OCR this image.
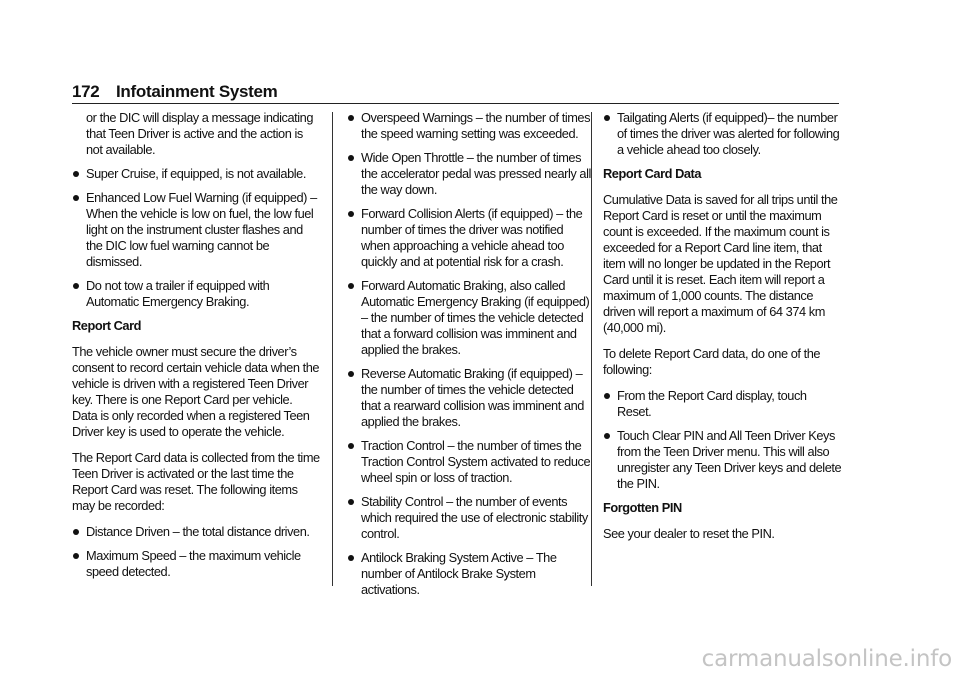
172 Infotainment System

or the DIC will display a message indicating that Teen Driver is active and the action is not available.

Super Cruise, if equipped, is not available.
Enhanced Low Fuel Warning (if equipped) – When the vehicle is low on fuel, the low fuel light on the instrument cluster flashes and the DIC low fuel warning cannot be dismissed.
Do not tow a trailer if equipped with Automatic Emergency Braking.

Report Card

The vehicle owner must secure the driver’s consent to record certain vehicle data when the vehicle is driven with a registered Teen Driver key. There is one Report Card per vehicle. Data is only recorded when a registered Teen Driver key is used to operate the vehicle.

The Report Card data is collected from the time Teen Driver is activated or the last time the Report Card was reset. The following items may be recorded:

Distance Driven – the total distance driven.
Maximum Speed – the maximum vehicle speed detected.
Overspeed Warnings – the number of times the speed warning setting was exceeded.
Wide Open Throttle – the number of times the accelerator pedal was pressed nearly all the way down.
Forward Collision Alerts (if equipped) – the number of times the driver was notified when approaching a vehicle ahead too quickly and at potential risk for a crash.
Forward Automatic Braking, also called Automatic Emergency Braking (if equipped) – the number of times the vehicle detected that a forward collision was imminent and applied the brakes.
Reverse Automatic Braking (if equipped) – the number of times the vehicle detected that a rearward collision was imminent and applied the brakes.
Traction Control – the number of times the Traction Control System activated to reduce wheel spin or loss of traction.
Stability Control – the number of events which required the use of electronic stability control.
Antilock Braking System Active – The number of Antilock Brake System activations.
Tailgating Alerts (if equipped)– the number of times the driver was alerted for following a vehicle ahead too closely.

Report Card Data

Cumulative Data is saved for all trips until the Report Card is reset or until the maximum count is exceeded. If the maximum count is exceeded for a Report Card line item, that item will no longer be updated in the Report Card until it is reset. Each item will report a maximum of 1,000 counts. The distance driven will report a maximum of 64 374 km (40,000 mi).

To delete Report Card data, do one of the following:

From the Report Card display, touch Reset.
Touch Clear PIN and All Teen Driver Keys from the Teen Driver menu. This will also unregister any Teen Driver keys and delete the PIN.

Forgotten PIN

See your dealer to reset the PIN.

carmanualsonline.info
